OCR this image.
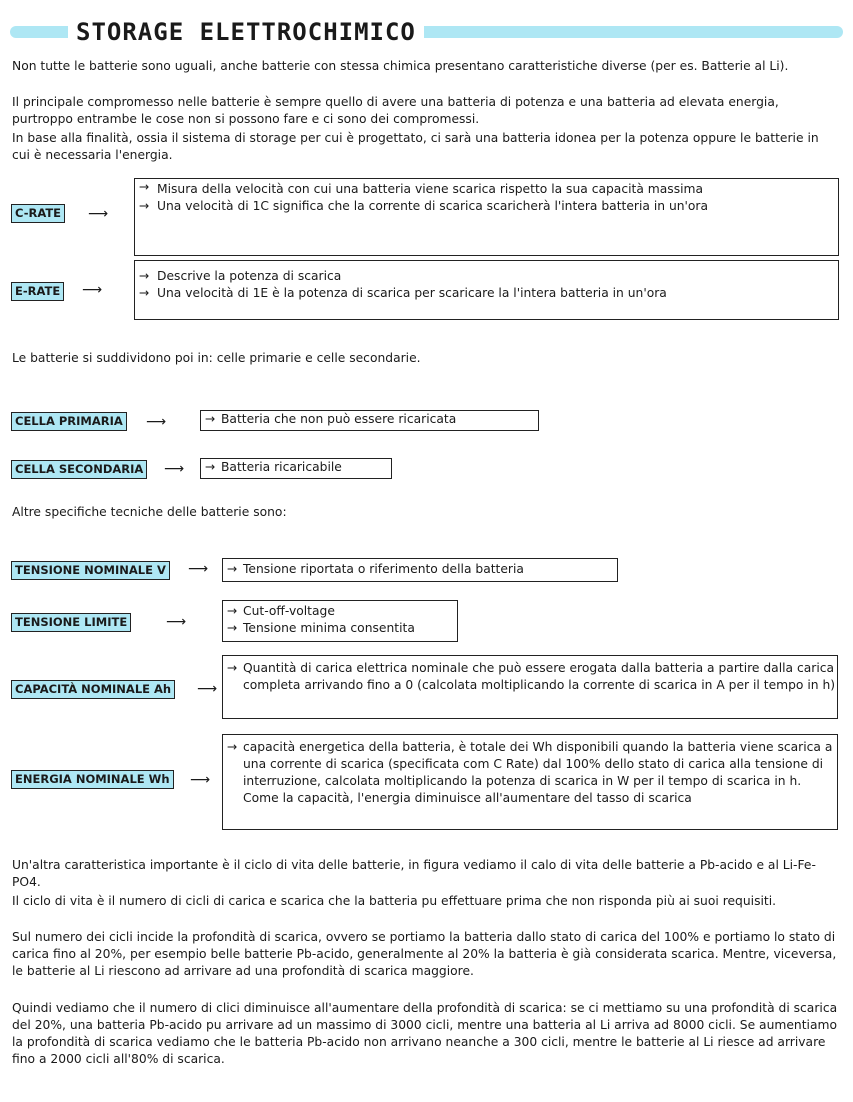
STORAGE ELETTROCHIMICO

Non tutte le batterie sono uguali, anche batterie con stessa chimica presentano caratteristiche diverse (per es. Batterie al Li).

Il principale compromesso nelle batterie è sempre quello di avere una batteria di potenza e una batteria ad elevata energia, purtroppo entrambe le cose non si possono fare e ci sono dei compromessi.

In base alla finalità, ossia il sistema di storage per cui è progettato, ci sarà una batteria idonea per la potenza oppure le batterie in cui è necessaria l'energia.

C-RATE ⟶
→ Misura della velocità con cui una batteria viene scarica rispetto la sua capacità massima
→ Una velocità di 1C significa che la corrente di scarica scaricherà l'intera batteria in un'ora
E-RATE ⟶
→ Descrive la potenza di scarica
→ Una velocità di 1E è la potenza di scarica per scaricare la l'intera batteria in un'ora

Le batterie si suddividono poi in: celle primarie e celle secondarie.

CELLA PRIMARIA ⟶	→ Batteria che non può essere ricaricata
CELLA SECONDARIA ⟶ → Batteria ricaricabile

Altre specifiche tecniche delle batterie sono:

TENSIONE NOMINALE V ⟶ → Tensione riportata o riferimento della batteria
TENSIONE LIMITE	⟶
→ Cut-off-voltage
→ Tensione minima consentita
CAPACITÀ NOMINALE Ah ⟶
→ Quantità di carica elettrica nominale che può essere erogata dalla batteria a partire dalla carica completa arrivando fino a 0 (calcolata moltiplicando la corrente di scarica in A per il tempo in h)
ENERGIA NOMINALE Wh ⟶
→ capacità energetica della batteria, è totale dei Wh disponibili quando la batteria viene scarica a una corrente di scarica (specificata com C Rate) dal 100% dello stato di carica alla tensione di interruzione, calcolata moltiplicando la potenza di scarica in W per il tempo di scarica in h. Come la capacità, l'energia diminuisce all'aumentare del tasso di scarica

Un'altra caratteristica importante è il ciclo di vita delle batterie, in figura vediamo il calo di vita delle batterie a Pb-acido e al Li-Fe-PO4.

Il ciclo di vita è il numero di cicli di carica e scarica che la batteria pu effettuare prima che non risponda più ai suoi requisiti.

Sul numero dei cicli incide la profondità di scarica, ovvero se portiamo la batteria dallo stato di carica del 100% e portiamo lo stato di carica fino al 20%, per esempio belle batterie Pb-acido, generalmente al 20% la batteria è già considerata scarica. Mentre, viceversa, le batterie al Li riescono ad arrivare ad una profondità di scarica maggiore.

Quindi vediamo che il numero di clici diminuisce all'aumentare della profondità di scarica: se ci mettiamo su una profondità di scarica del 20%, una batteria Pb-acido pu arrivare ad un massimo di 3000 cicli, mentre una batteria al Li arriva ad 8000 cicli. Se aumentiamo la profondità di scarica vediamo che le batteria Pb-acido non arrivano neanche a 300 cicli, mentre le batterie al Li riesce ad arrivare fino a 2000 cicli all'80% di scarica.
